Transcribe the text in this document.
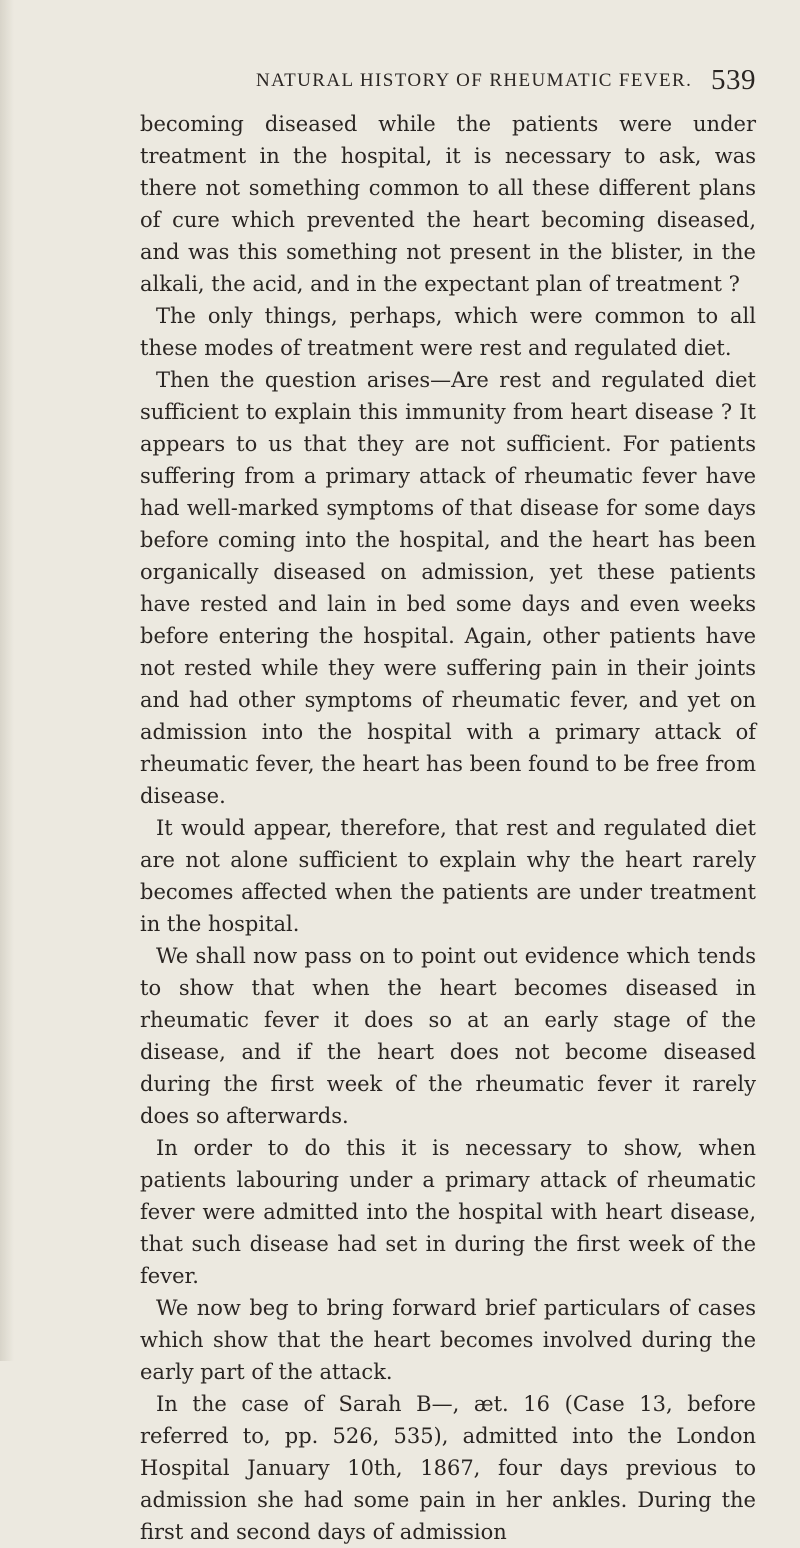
NATURAL HISTORY OF RHEUMATIC FEVER. 539

becoming diseased while the patients were under treatment in the hospital, it is necessary to ask, was there not something common to all these different plans of cure which prevented the heart becoming diseased, and was this something not present in the blister, in the alkali, the acid, and in the expectant plan of treatment ?

The only things, perhaps, which were common to all these modes of treatment were rest and regulated diet.

Then the question arises—Are rest and regulated diet sufficient to explain this immunity from heart disease ? It appears to us that they are not sufficient. For patients suffering from a primary attack of rheumatic fever have had well-marked symptoms of that disease for some days before coming into the hospital, and the heart has been organically diseased on admission, yet these patients have rested and lain in bed some days and even weeks before entering the hospital. Again, other patients have not rested while they were suffering pain in their joints and had other symptoms of rheumatic fever, and yet on admission into the hospital with a primary attack of rheumatic fever, the heart has been found to be free from disease.

It would appear, therefore, that rest and regulated diet are not alone sufficient to explain why the heart rarely becomes affected when the patients are under treatment in the hospital.

We shall now pass on to point out evidence which tends to show that when the heart becomes diseased in rheumatic fever it does so at an early stage of the disease, and if the heart does not become diseased during the first week of the rheumatic fever it rarely does so afterwards.

In order to do this it is necessary to show, when patients labouring under a primary attack of rheumatic fever were admitted into the hospital with heart disease, that such disease had set in during the first week of the fever.

We now beg to bring forward brief particulars of cases which show that the heart becomes involved during the early part of the attack.

In the case of Sarah B—, æt. 16 (Case 13, before referred to, pp. 526, 535), admitted into the London Hospital January 10th, 1867, four days previous to admission she had some pain in her ankles. During the first and second days of admission
